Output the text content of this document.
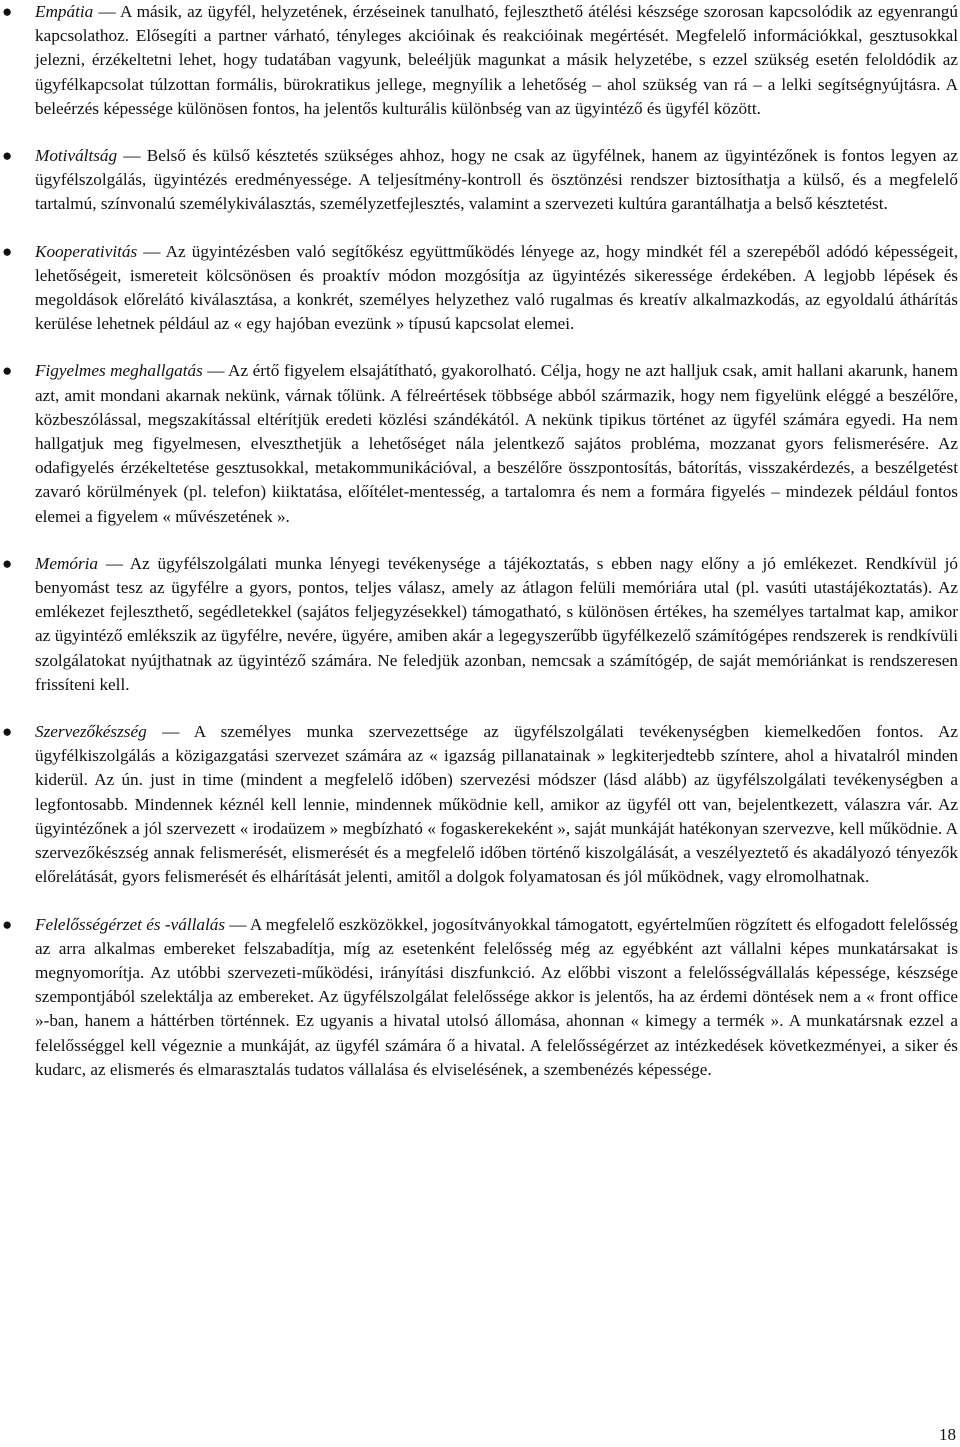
● Empátia — A másik, az ügyfél, helyzetének, érzéseinek tanulható, fejleszthető átélési készsége szorosan kapcsolódik az egyenrangú kapcsolathoz. Elősegíti a partner várható, tényleges akcióinak és reakcióinak megértését. Megfelelő információkkal, gesztusokkal jelezni, érzékeltetni lehet, hogy tudatában vagyunk, beleéljük magunkat a másik helyzetébe, s ezzel szükség esetén feloldódik az ügyfélkapcsolat túlzottan formális, bürokratikus jellege, megnyílik a lehetőség – ahol szükség van rá – a lelki segítségnyújtásra. A beleérzés képessége különösen fontos, ha jelentős kulturális különbség van az ügyintéző és ügyfél között.
● Motiváltság — Belső és külső késztetés szükséges ahhoz, hogy ne csak az ügyfélnek, hanem az ügyintézőnek is fontos legyen az ügyfélszolgálás, ügyintézés eredményessége. A teljesítmény-kontroll és ösztönzési rendszer biztosíthatja a külső, és a megfelelő tartalmú, színvonalú személykiválasztás, személyzetfejlesztés, valamint a szervezeti kultúra garantálhatja a belső késztetést.
● Kooperativitás — Az ügyintézésben való segítőkész együttműködés lényege az, hogy mindkét fél a szerepéből adódó képességeit, lehetőségeit, ismereteit kölcsönösen és proaktív módon mozgósítja az ügyintézés sikeressége érdekében. A legjobb lépések és megoldások előrelátó kiválasztása, a konkrét, személyes helyzethez való rugalmas és kreatív alkalmazkodás, az egyoldalú áthárítás kerülése lehetnek például az « egy hajóban evezünk » típusú kapcsolat elemei.
● Figyelmes meghallgatás — Az értő figyelem elsajátítható, gyakorolható. Célja, hogy ne azt halljuk csak, amit hallani akarunk, hanem azt, amit mondani akarnak nekünk, várnak tőlünk. A félreértések többsége abból származik, hogy nem figyelünk eléggé a beszélőre, közbeszólással, megszakítással eltérítjük eredeti közlési szándékától. A nekünk tipikus történet az ügyfél számára egyedi. Ha nem hallgatjuk meg figyelmesen, elveszthetjük a lehetőséget nála jelentkező sajátos probléma, mozzanat gyors felismerésére. Az odafigyelés érzékeltetése gesztusokkal, metakommunikációval, a beszélőre összpontosítás, bátorítás, visszakérdezés, a beszélgetést zavaró körülmények (pl. telefon) kiiktatása, előítélet-mentesség, a tartalomra és nem a formára figyelés – mindezek például fontos elemei a figyelem « művészetének ».
● Memória — Az ügyfélszolgálati munka lényegi tevékenysége a tájékoztatás, s ebben nagy előny a jó emlékezet. Rendkívül jó benyomást tesz az ügyfélre a gyors, pontos, teljes válasz, amely az átlagon felüli memóriára utal (pl. vasúti utastájékoztatás). Az emlékezet fejleszthető, segédletekkel (sajátos feljegyzésekkel) támogatható, s különösen értékes, ha személyes tartalmat kap, amikor az ügyintéző emlékszik az ügyfélre, nevére, ügyére, amiben akár a legegyszerűbb ügyfélkezelő számítógépes rendszerek is rendkívüli szolgálatokat nyújthatnak az ügyintéző számára. Ne feledjük azonban, nemcsak a számítógép, de saját memóriánkat is rendszeresen frissíteni kell.
● Szervezőkészség — A személyes munka szervezettsége az ügyfélszolgálati tevékenységben kiemelkedően fontos. Az ügyfélkiszolgálás a közigazgatási szervezet számára az « igazság pillanatainak » legkiterjedtebb színtere, ahol a hivatalról minden kiderül. Az ún. just in time (mindent a megfelelő időben) szervezési módszer (lásd alább) az ügyfélszolgálati tevékenységben a legfontosabb. Mindennek kéznél kell lennie, mindennek működnie kell, amikor az ügyfél ott van, bejelentkezett, válaszra vár. Az ügyintézőnek a jól szervezett « irodaüzem » megbízható « fogaskerekeként », saját munkáját hatékonyan szervezve, kell működnie. A szervezőkészség annak felismerését, elismerését és a megfelelő időben történő kiszolgálását, a veszélyeztető és akadályozó tényezők előrelátását, gyors felismerését és elhárítását jelenti, amitől a dolgok folyamatosan és jól működnek, vagy elromolhatnak.
● Felelősségérzet és -vállalás — A megfelelő eszközökkel, jogosítványokkal támogatott, egyértelműen rögzített és elfogadott felelősség az arra alkalmas embereket felszabadítja, míg az esetenként felelősség még az egyébként azt vállalni képes munkatársakat is megnyomorítja. Az utóbbi szervezeti-működési, irányítási diszfunkció. Az előbbi viszont a felelősségvállalás képessége, készsége szempontjából szelektálja az embereket. Az ügyfélszolgálat felelőssége akkor is jelentős, ha az érdemi döntések nem a « front office »-ban, hanem a háttérben történnek. Ez ugyanis a hivatal utolsó állomása, ahonnan « kimegy a termék ». A munkatársnak ezzel a felelősséggel kell végeznie a munkáját, az ügyfél számára ő a hivatal. A felelősségérzet az intézkedések következményei, a siker és kudarc, az elismerés és elmarasztalás tudatos vállalása és elviselésének, a szembenézés képessége.
18
